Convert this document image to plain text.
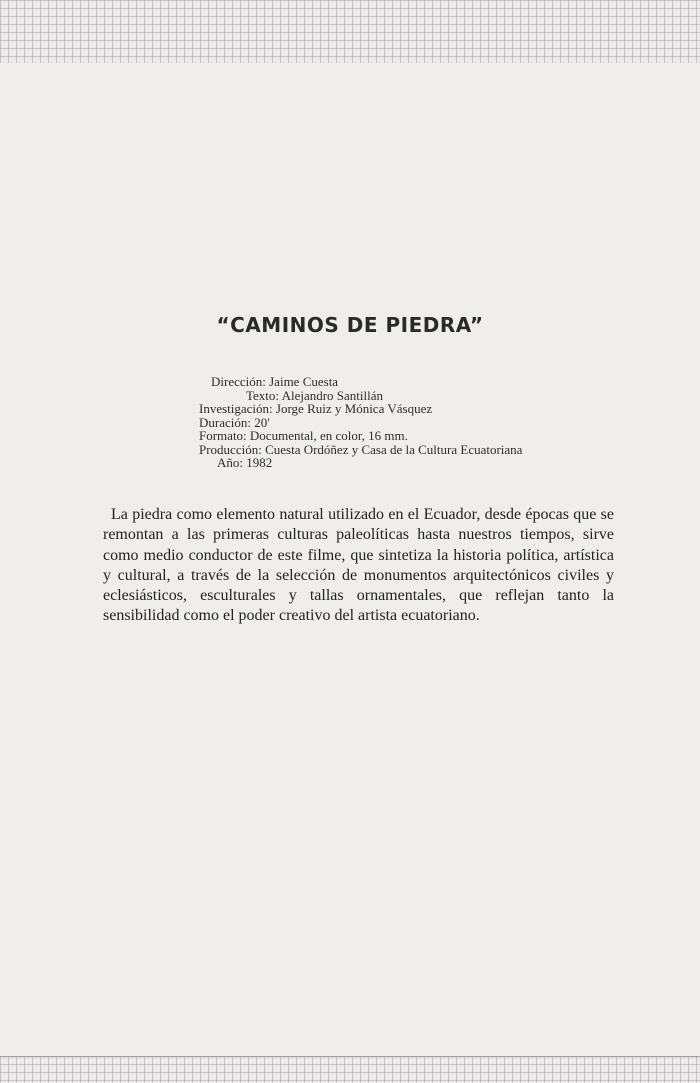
“CAMINOS DE PIEDRA”
Dirección: Jaime Cuesta
Texto: Alejandro Santillán
Investigación: Jorge Ruiz y Mónica Vásquez
Duración: 20'
Formato: Documental, en color, 16 mm.
Producción: Cuesta Ordóñez y Casa de la Cultura Ecuatoriana
Año: 1982

La piedra como elemento natural utilizado en el Ecuador, desde épocas que se remontan a las primeras culturas paleolíticas hasta nuestros tiempos, sirve como medio conductor de este filme, que sintetiza la historia política, artística y cultural, a través de la selección de monumentos arquitectónicos civiles y eclesiásticos, esculturales y tallas ornamentales, que reflejan tanto la sensibilidad como el poder creativo del artista ecuatoriano.
